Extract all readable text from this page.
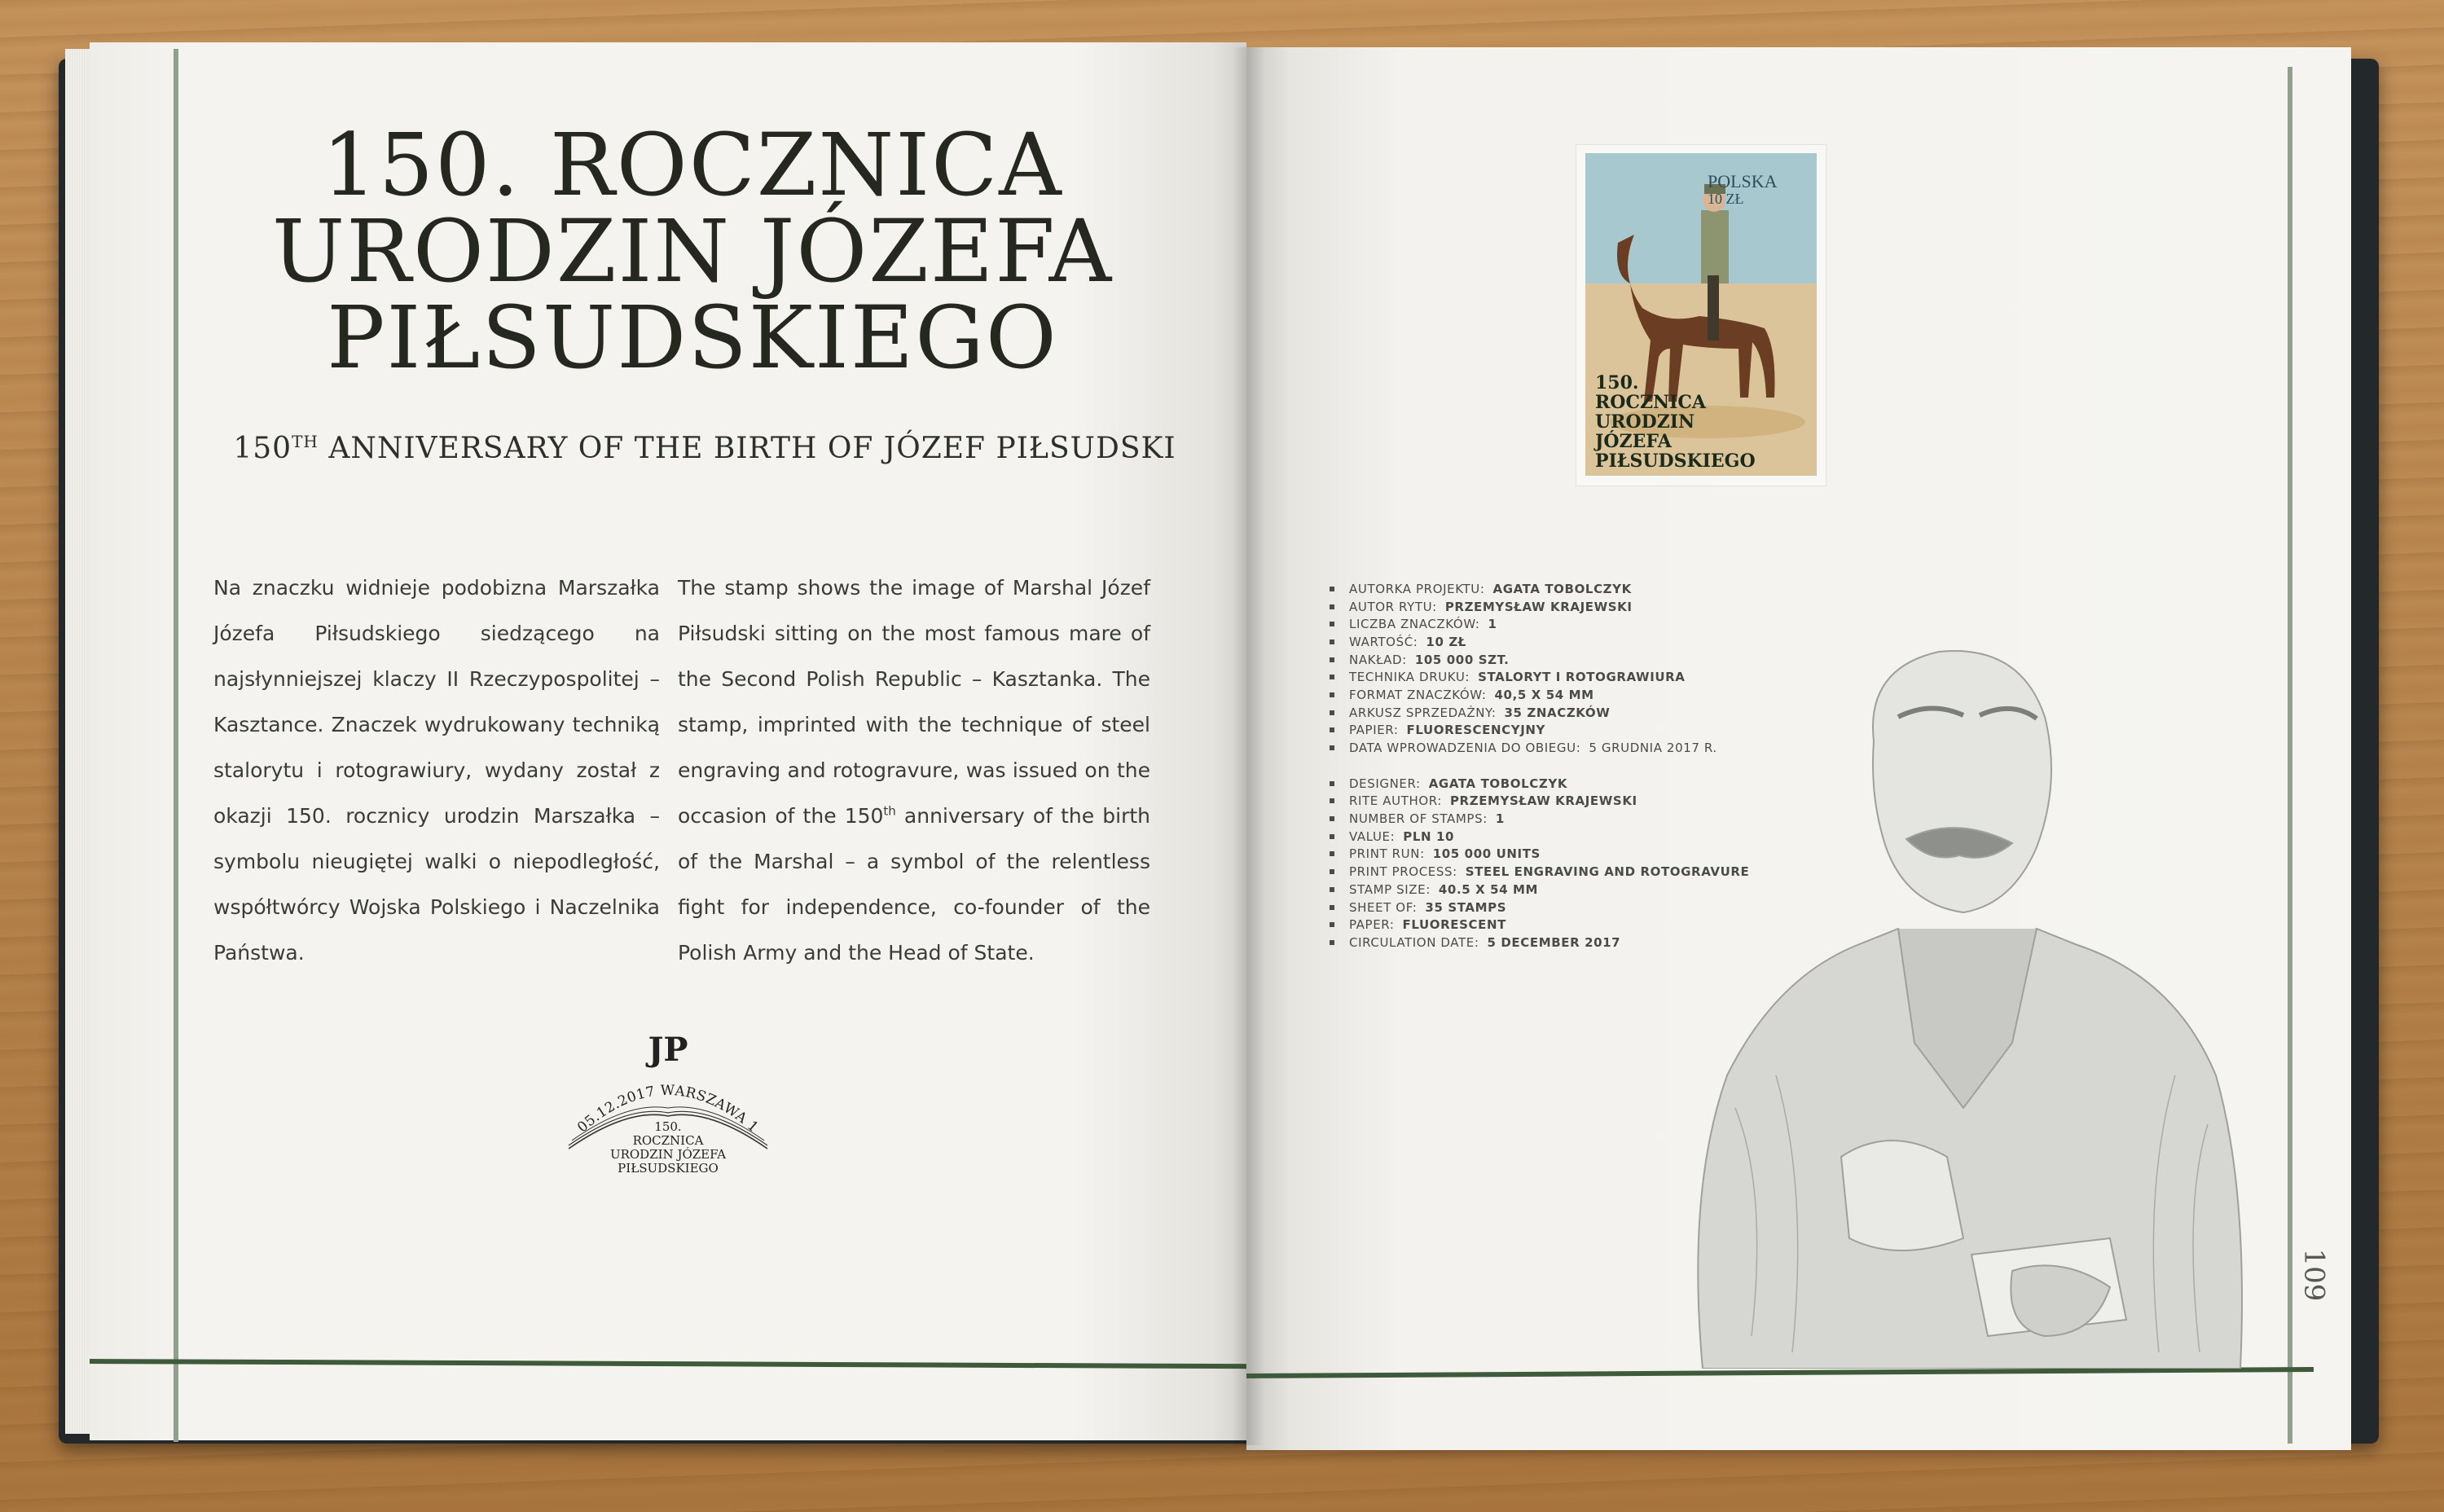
150. ROCZNICA
URODZIN JÓZEFA
PIŁSUDSKIEGO
150TH ANNIVERSARY OF THE BIRTH OF JÓZEF PIŁSUDSKI
Na znaczku widnieje podobizna Marszałka Józefa Piłsudskiego siedzącego na najsłynniejszej klaczy II Rzeczypospolitej – Kasztance. Znaczek wydrukowany techniką stalorytu i rotograwiury, wydany został z okazji 150. rocznicy urodzin Marszałka – symbolu nieugiętej walki o niepodległość, współtwórcy Wojska Polskiego i Naczelnika Państwa.
The stamp shows the image of Marshal Józef Piłsudski sitting on the most famous mare of the Second Polish Republic – Kasztanka. The stamp, imprinted with the technique of steel engraving and rotogravure, was issued on the occasion of the 150th anniversary of the birth of the Marshal – a symbol of the relentless fight for independence, co-founder of the Polish Army and the Head of State.
JP
05.12.2017 WARSZAWA 1
150.
ROCZNICA
URODZIN JÓZEFA
PIŁSUDSKIEGO
POLSKA
10 ZŁ
150.
ROCZNICA
URODZIN
JÓZEFA
PIŁSUDSKIEGO
AUTORKA PROJEKTU: AGATA TOBOLCZYK
AUTOR RYTU: PRZEMYSŁAW KRAJEWSKI
LICZBA ZNACZKÓW: 1
WARTOŚĆ: 10 ZŁ
NAKŁAD: 105 000 SZT.
TECHNIKA DRUKU: STALORYT I ROTOGRAWIURA
FORMAT ZNACZKÓW: 40,5 X 54 MM
ARKUSZ SPRZEDAŻNY: 35 ZNACZKÓW
PAPIER: FLUORESCENCYJNY
DATA WPROWADZENIA DO OBIEGU: 5 GRUDNIA 2017 R.
DESIGNER: AGATA TOBOLCZYK
RITE AUTHOR: PRZEMYSŁAW KRAJEWSKI
NUMBER OF STAMPS: 1
VALUE: PLN 10
PRINT RUN: 105 000 UNITS
PRINT PROCESS: STEEL ENGRAVING AND ROTOGRAVURE
STAMP SIZE: 40.5 X 54 MM
SHEET OF: 35 STAMPS
PAPER: FLUORESCENT
CIRCULATION DATE: 5 DECEMBER 2017
109
